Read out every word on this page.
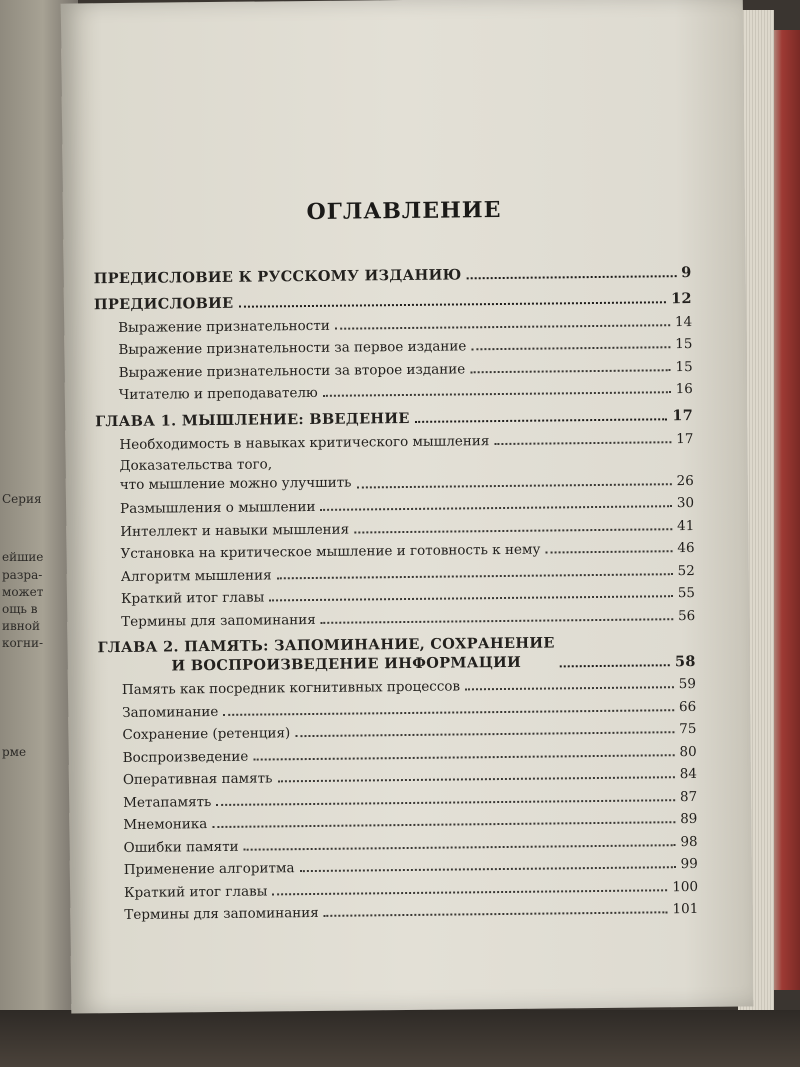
Серия
ейшие
разра-
может
ощь в
ивной
когни-
рме
ОГЛАВЛЕНИЕ
ПРЕДИСЛОВИЕ К РУССКОМУ ИЗДАНИЮ	9
ПРЕДИСЛОВИЕ	12
Выражение признательности	14
Выражение признательности за первое издание	15
Выражение признательности за второе издание	15
Читателю и преподавателю	16
ГЛАВА 1. МЫШЛЕНИЕ: ВВЕДЕНИЕ	17
Необходимость в навыках критического мышления	17
Доказательства того,
что мышление можно улучшить	26
Размышления о мышлении	30
Интеллект и навыки мышления	41
Установка на критическое мышление и готовность к нему	46
Алгоритм мышления	52
Краткий итог главы	55
Термины для запоминания	56
ГЛАВА 2. ПАМЯТЬ: ЗАПОМИНАНИЕ, СОХРАНЕНИЕ
И ВОСПРОИЗВЕДЕНИЕ ИНФОРМАЦИИ	58
Память как посредник когнитивных процессов	59
Запоминание	66
Сохранение (ретенция)	75
Воспроизведение	80
Оперативная память	84
Метапамять	87
Мнемоника	89
Ошибки памяти	98
Применение алгоритма	99
Краткий итог главы	100
Термины для запоминания	101
